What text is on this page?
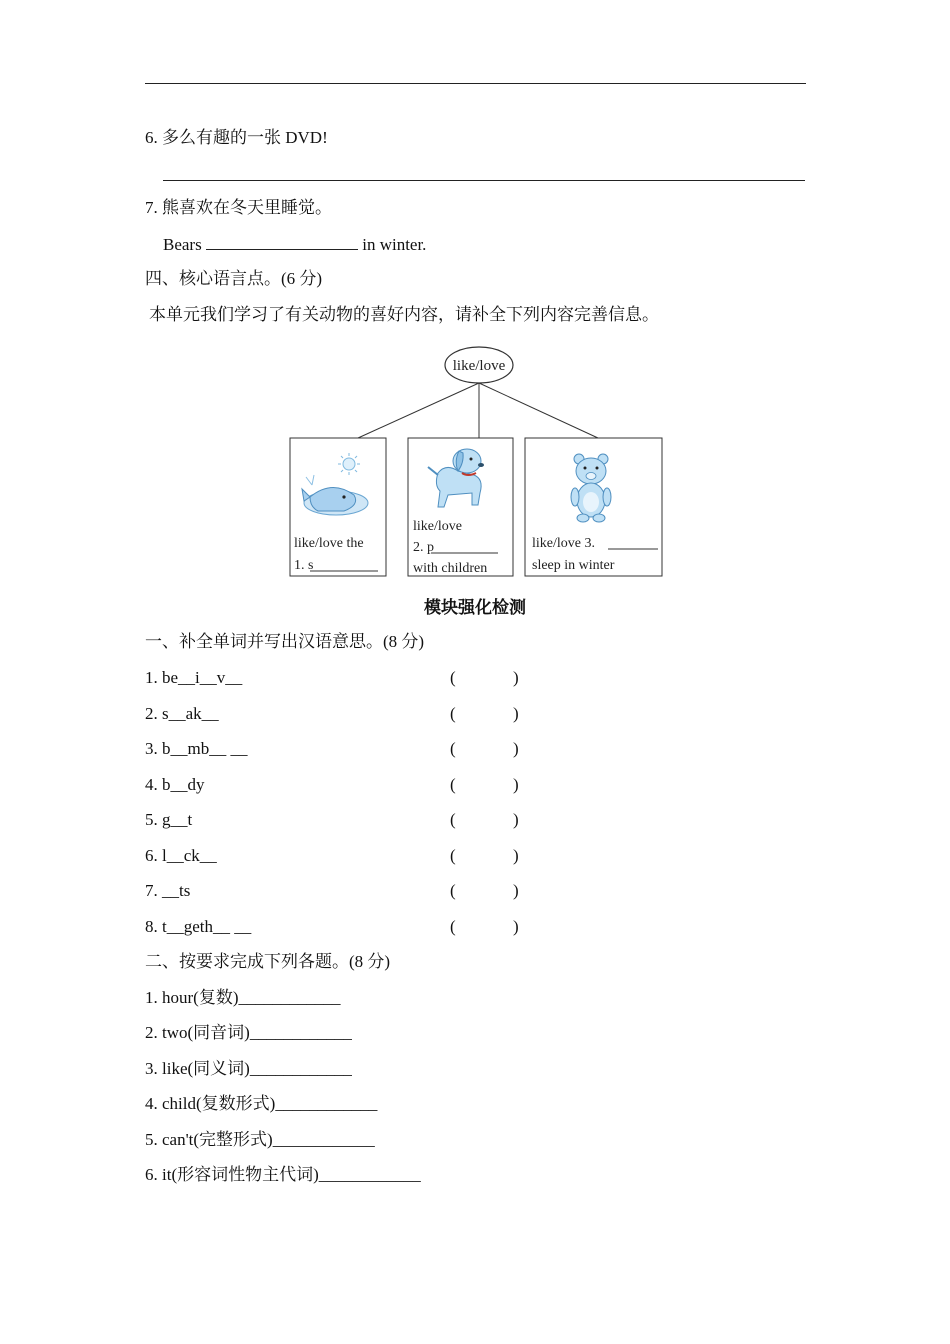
6. 多么有趣的一张 DVD!
7. 熊喜欢在冬天里睡觉。
Bears	in winter.
四、核心语言点。(6 分)
本单元我们学习了有关动物的喜好内容，请补全下列内容完善信息。
like/love
like/love the
1. s
like/love
2. p
with children
like/love 3.
sleep in winter
模块强化检测
一、补全单词并写出汉语意思。(8 分)
1. be__i__v__	(	)
2. s__ak__	(	)
3. b__mb__ __	(	)
4. b__dy	(	)
5. g__t	(	)
6. l__ck__	(	)
7. __ts	(	)
8. t__geth__ __	(	)
二、按要求完成下列各题。(8 分)
1. hour(复数)____________
2. two(同音词)____________
3. like(同义词)____________
4. child(复数形式)____________
5. can't(完整形式)____________
6. it(形容词性物主代词)____________
